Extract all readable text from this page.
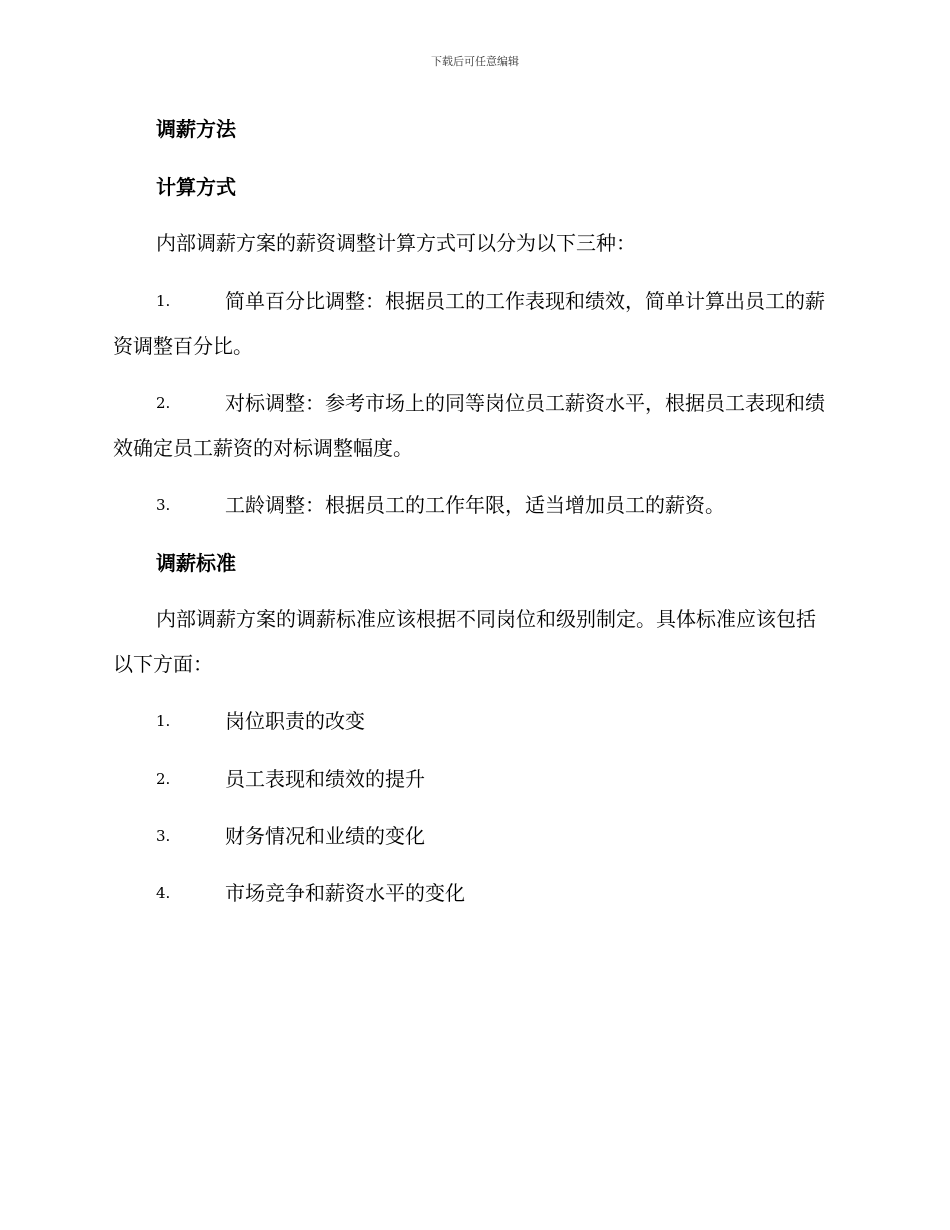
下载后可任意编辑
调薪方法
计算方式
内部调薪方案的薪资调整计算方式可以分为以下三种：
1.	简单百分比调整：根据员工的工作表现和绩效，简单计算出员工的薪资调整百分比。
2.	对标调整：参考市场上的同等岗位员工薪资水平，根据员工表现和绩效确定员工薪资的对标调整幅度。
3.	工龄调整：根据员工的工作年限，适当增加员工的薪资。
调薪标准
内部调薪方案的调薪标准应该根据不同岗位和级别制定。具体标准应该包括以下方面：
1.	岗位职责的改变
2.	员工表现和绩效的提升
3.	财务情况和业绩的变化
4.	市场竞争和薪资水平的变化
